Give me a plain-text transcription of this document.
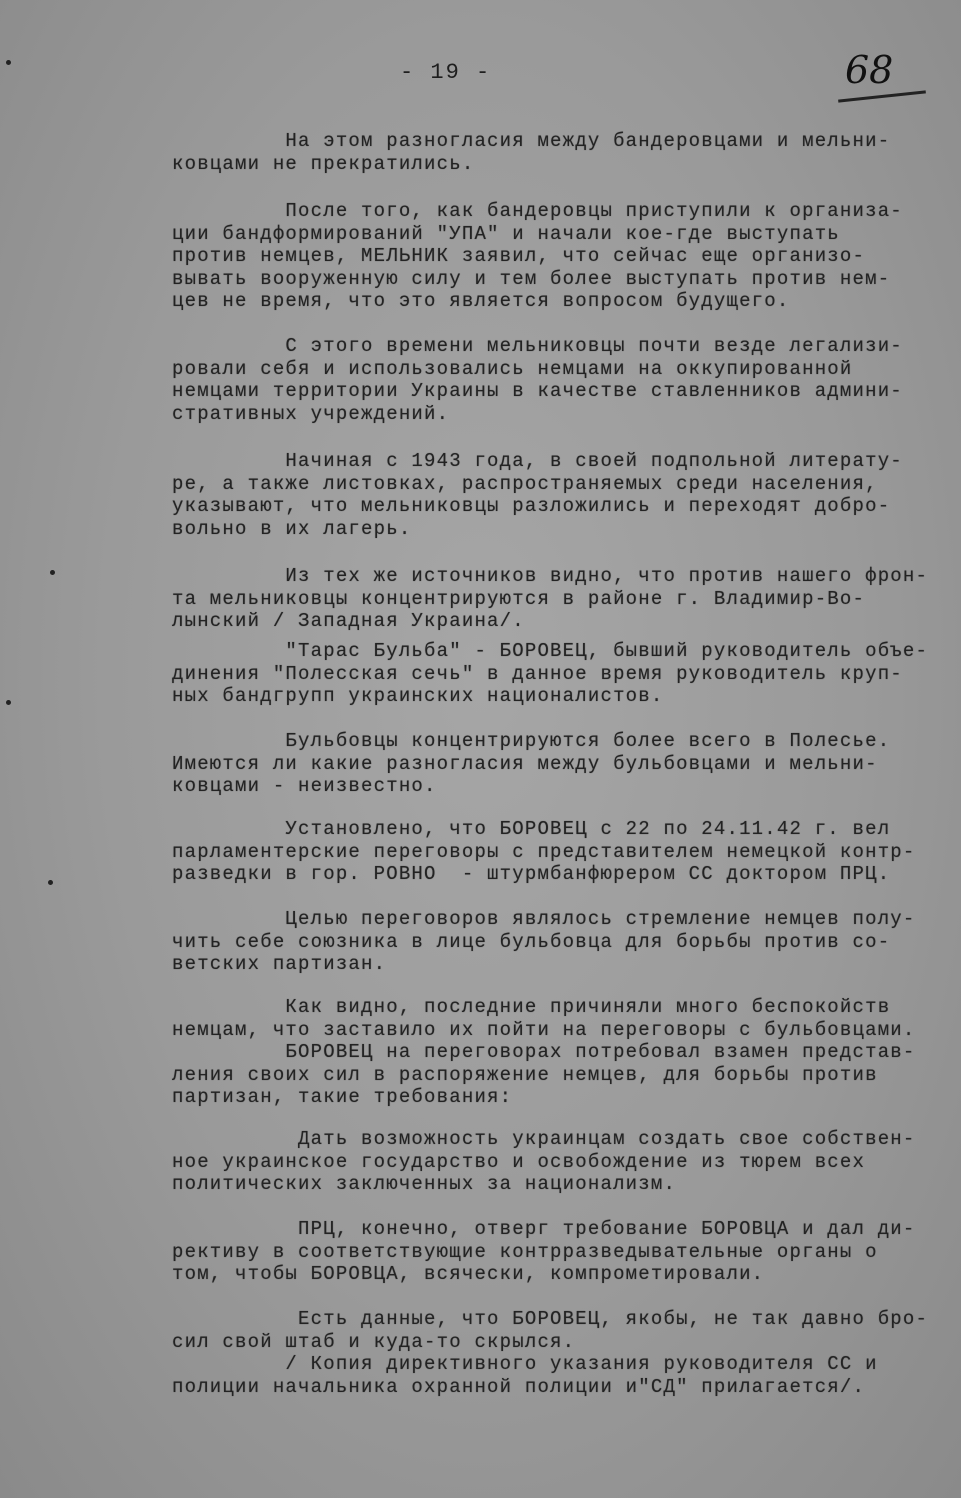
- 19 -	68
На этом разногласия между бандеровцами и мельни-
ковцами не прекратились.
После того, как бандеровцы приступили к организа-
ции бандформирований "УПА" и начали кое-где выступать
против немцев, МЕЛЬНИК заявил, что сейчас еще организо-
вывать вооруженную силу и тем более выступать против нем-
цев не время, что это является вопросом будущего.
С этого времени мельниковцы почти везде легализи-
ровали себя и использовались немцами на оккупированной
немцами территории Украины в качестве ставленников админи-
стративных учреждений.
Начиная с 1943 года, в своей подпольной литерату-
ре, а также листовках, распространяемых среди населения,
указывают, что мельниковцы разложились и переходят добро-
вольно в их лагерь.
Из тех же источников видно, что против нашего фрон-
та мельниковцы концентрируются в районе г. Владимир-Во-
лынский / Западная Украина/.
"Тарас Бульба" - БОРОВЕЦ, бывший руководитель объе-
динения "Полесская сечь" в данное время руководитель круп-
ных бандгрупп украинских националистов.
Бульбовцы концентрируются более всего в Полесье.
Имеются ли какие разногласия между бульбовцами и мельни-
ковцами - неизвестно.
Установлено, что БОРОВЕЦ с 22 по 24.11.42 г. вел
парламентерские переговоры с представителем немецкой контр-
разведки в гор. РОВНО  - штурмбанфюрером СС доктором ПРЦ.
Целью переговоров являлось стремление немцев полу-
чить себе союзника в лице бульбовца для борьбы против со-
ветских партизан.
Как видно, последние причиняли много беспокойств
немцам, что заставило их пойти на переговоры с бульбовцами.
БОРОВЕЦ на переговорах потребовал взамен представ-
ления своих сил в распоряжение немцев, для борьбы против
партизан, такие требования:
Дать возможность украинцам создать свое собствен-
ное украинское государство и освобождение из тюрем всех
политических заключенных за национализм.
ПРЦ, конечно, отверг требование БОРОВЦА и дал ди-
рективу в соответствующие контрразведывательные органы о
том, чтобы БОРОВЦА, всячески, компрометировали.
Есть данные, что БОРОВЕЦ, якобы, не так давно бро-
сил свой штаб и куда-то скрылся.
/ Копия директивного указания руководителя СС и
полиции начальника охранной полиции и"СД" прилагается/.
